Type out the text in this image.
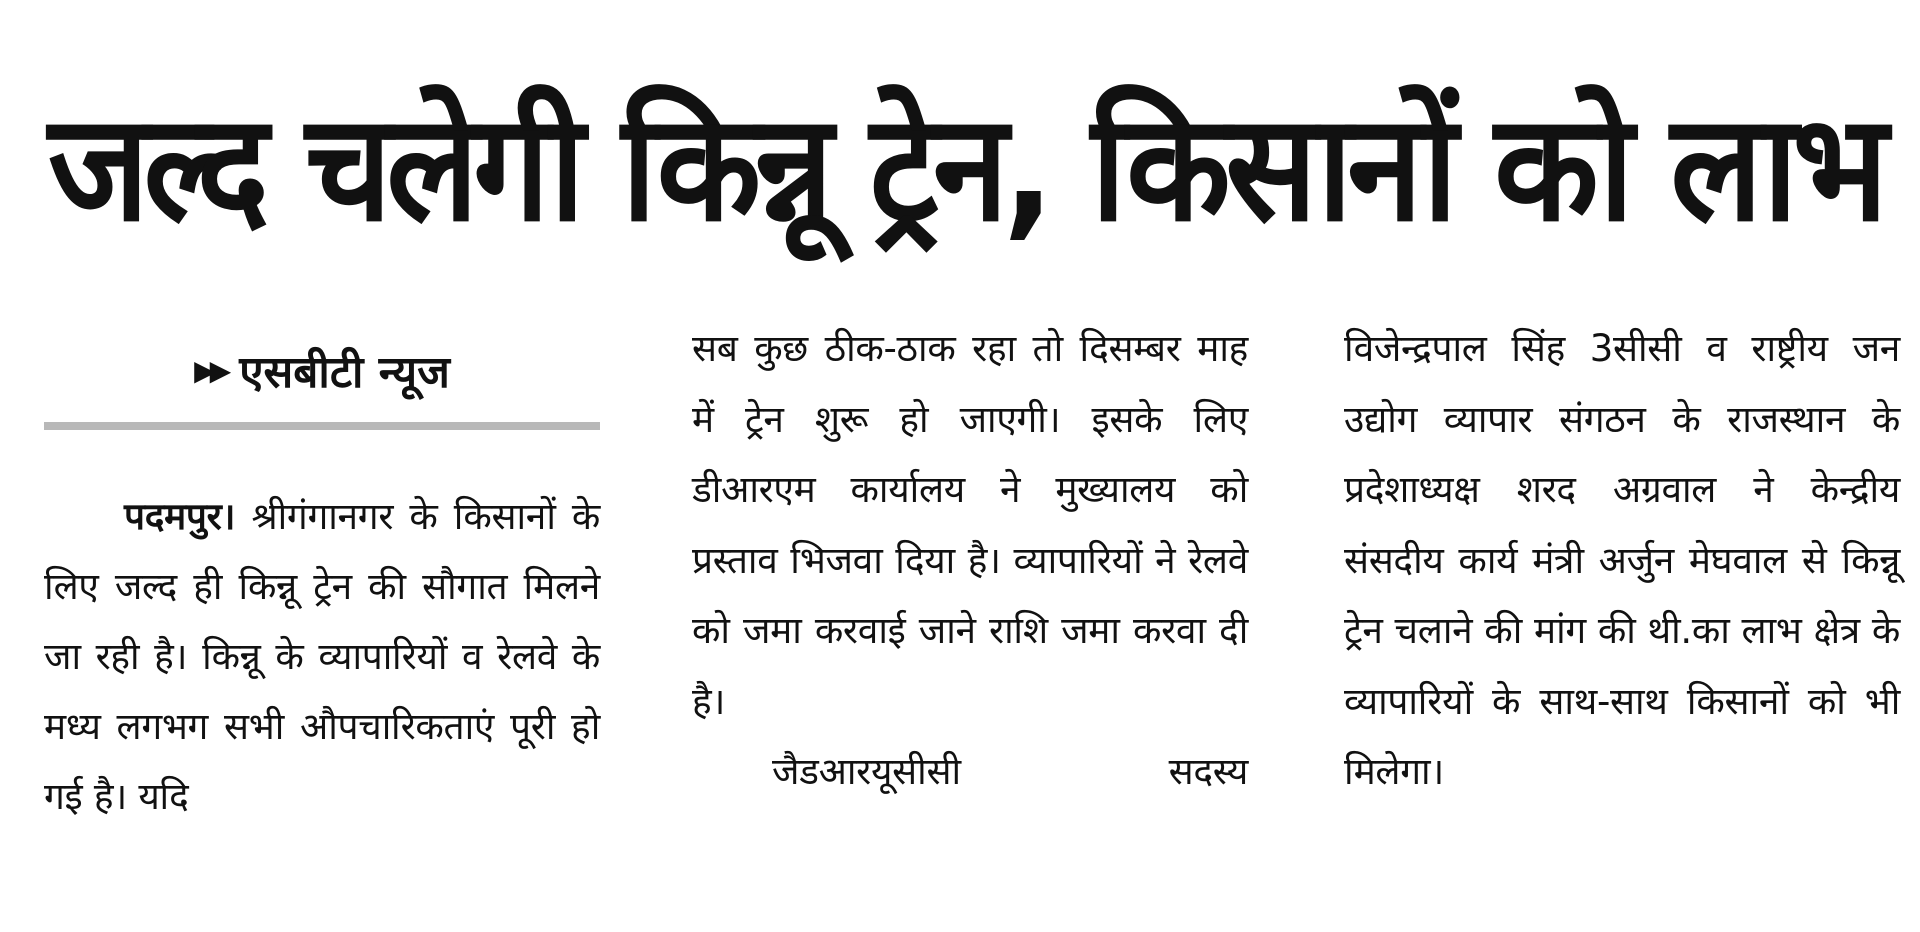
जल्द चलेगी किन्नू ट्रेन, किसानों को लाभ
▶▶ एसबीटी न्यूज

पदमपुर। श्रीगंगानगर के किसानों के लिए जल्द ही किन्नू ट्रेन की सौगात मिलने जा रही है। किन्नू के व्यापारियों व रेलवे के मध्य लगभग सभी औपचारिकताएं पूरी हो गई है। यदि

सब कुछ ठीक-ठाक रहा तो दिसम्बर माह में ट्रेन शुरू हो जाएगी। इसके लिए डीआरएम कार्यालय ने मुख्यालय को प्रस्ताव भिजवा दिया है। व्यापारियों ने रेलवे को जमा करवाई जाने राशि जमा करवा दी है।

जैडआरयूसीसी सदस्य

विजेन्द्रपाल सिंह 3सीसी व राष्ट्रीय जन उद्योग व्यापार संगठन के राजस्थान के प्रदेशाध्यक्ष शरद अग्रवाल ने केन्द्रीय संसदीय कार्य मंत्री अर्जुन मेघवाल से किन्नू ट्रेन चलाने की मांग की थी.का लाभ क्षेत्र के व्यापारियों के साथ-साथ किसानों को भी मिलेगा।
